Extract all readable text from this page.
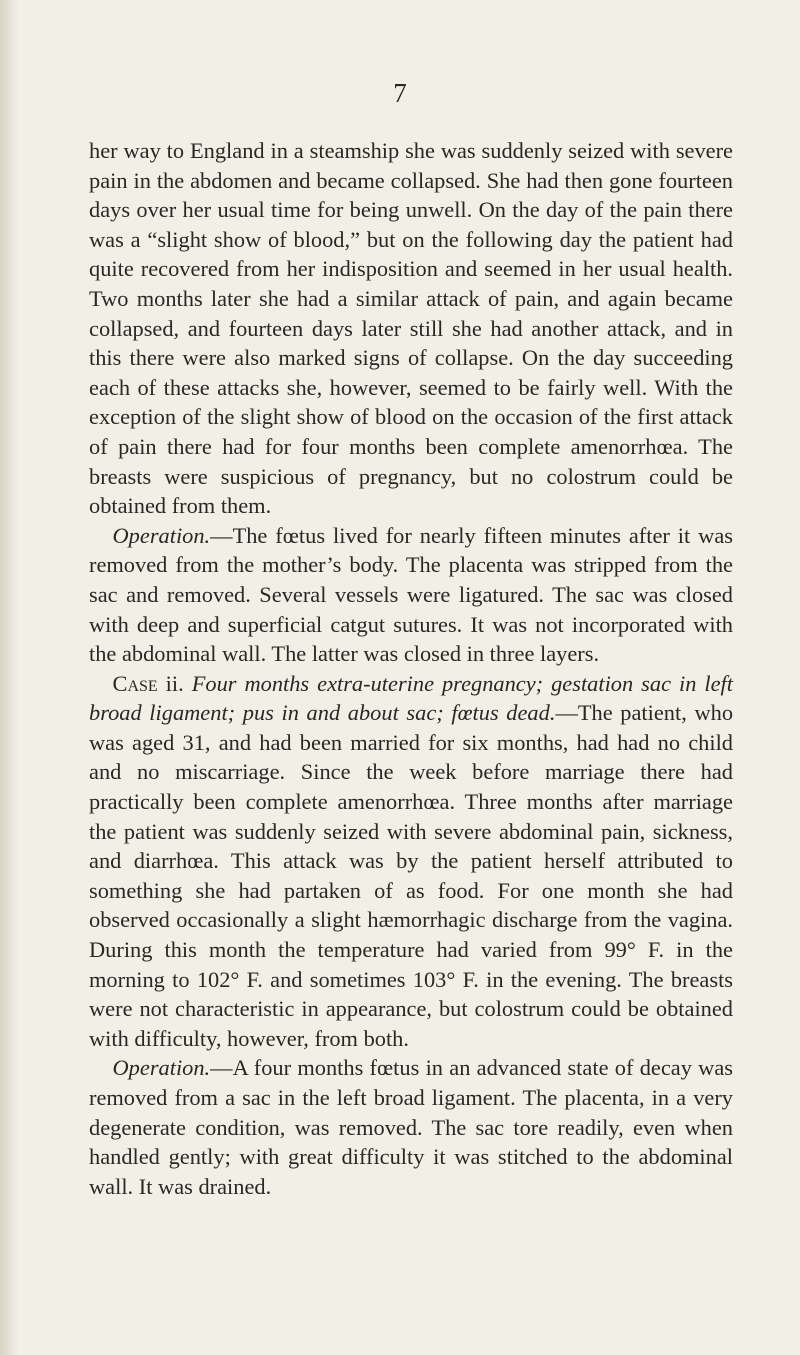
7

her way to England in a steamship she was suddenly seized with severe pain in the abdomen and became collapsed. She had then gone fourteen days over her usual time for being unwell. On the day of the pain there was a “slight show of blood,” but on the following day the patient had quite recovered from her indisposition and seemed in her usual health. Two months later she had a similar attack of pain, and again became collapsed, and fourteen days later still she had another attack, and in this there were also marked signs of collapse. On the day succeeding each of these attacks she, however, seemed to be fairly well. With the exception of the slight show of blood on the occasion of the first attack of pain there had for four months been complete amenorrhœa. The breasts were suspicious of pregnancy, but no colostrum could be obtained from them.

Operation.—The fœtus lived for nearly fifteen minutes after it was removed from the mother’s body. The placenta was stripped from the sac and removed. Several vessels were ligatured. The sac was closed with deep and superficial catgut sutures. It was not incorporated with the abdominal wall. The latter was closed in three layers.

Case ii. Four months extra-uterine pregnancy; gestation sac in left broad ligament; pus in and about sac; fœtus dead.—The patient, who was aged 31, and had been married for six months, had had no child and no miscarriage. Since the week before marriage there had practically been complete amenorrhœa. Three months after marriage the patient was suddenly seized with severe abdominal pain, sickness, and diarrhœa. This attack was by the patient herself attributed to something she had partaken of as food. For one month she had observed occasionally a slight hæmorrhagic discharge from the vagina. During this month the temperature had varied from 99° F. in the morning to 102° F. and sometimes 103° F. in the evening. The breasts were not characteristic in appearance, but colostrum could be obtained with difficulty, however, from both.

Operation.—A four months fœtus in an advanced state of decay was removed from a sac in the left broad ligament. The placenta, in a very degenerate condition, was removed. The sac tore readily, even when handled gently; with great difficulty it was stitched to the abdominal wall. It was drained.
